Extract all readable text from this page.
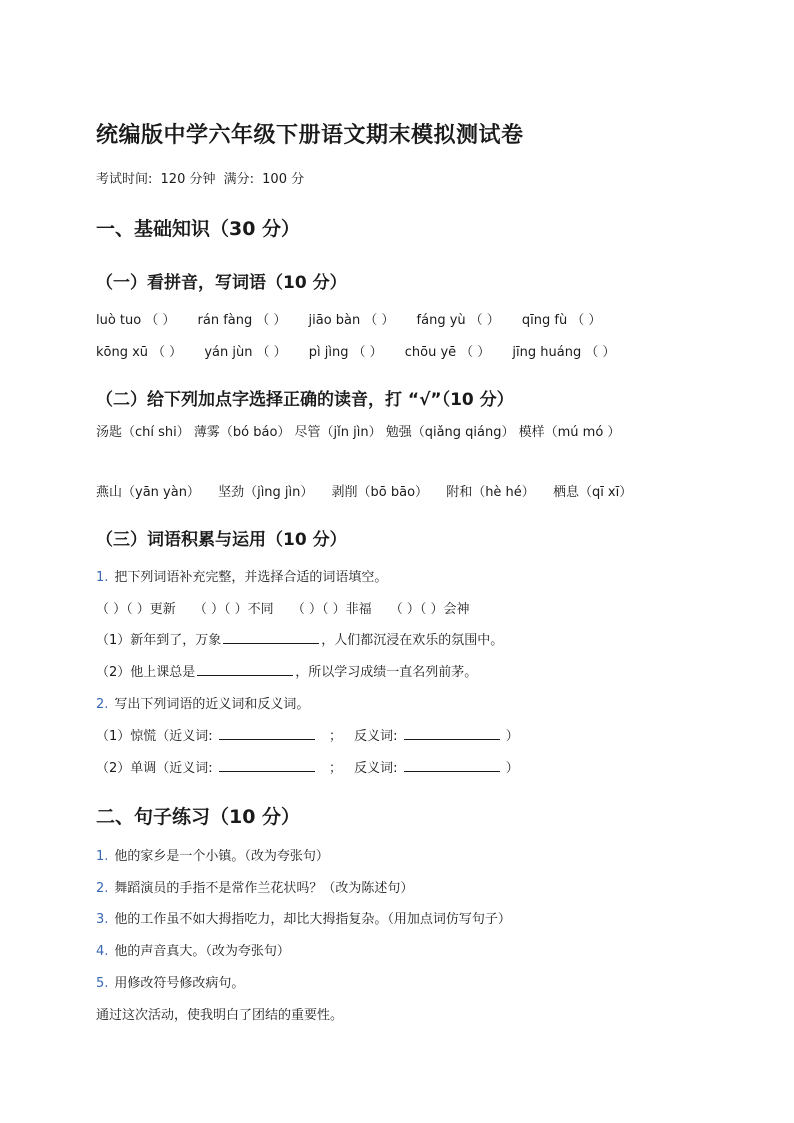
统编版中学六年级下册语文期末模拟测试卷
考试时间: 120 分钟 满分: 100 分
一、基础知识（30 分）
（一）看拼音，写词语（10 分）
luò tuo （ ） rán fàng （ ） jiāo bàn （ ） fáng yù （ ） qīng fù （ ）
kōng xū （ ） yán jùn （ ） pì jìng （ ） chōu yē （ ） jīng huáng （ ）
（二）给下列加点字选择正确的读音，打 “√”（10 分）
汤匙（chí shi） 薄雾（bó báo） 尽管（jǐn jìn） 勉强（qiǎng qiáng） 模样（mú mó ）
燕山（yān yàn） 坚劲（jìng jìn） 剥削（bō bāo） 附和（hè hé） 栖息（qī xī）
（三）词语积累与运用（10 分）
1. 把下列词语补充完整，并选择合适的词语填空。
（ ）（ ）更新 （ ）（ ）不同 （ ）（ ）非福 （ ）（ ）会神
（1）新年到了，万象	，人们都沉浸在欢乐的氛围中。
（2）他上课总是	，所以学习成绩一直名列前茅。
2. 写出下列词语的近义词和反义词。
（1）惊慌（近义词:	； 反义词:	）
（2）单调（近义词:	； 反义词:	）
二、句子练习（10 分）
1. 他的家乡是一个小镇。（改为夸张句）
2. 舞蹈演员的手指不是常作兰花状吗？（改为陈述句）
3. 他的工作虽不如大拇指吃力，却比大拇指复杂。（用加点词仿写句子）
4. 他的声音真大。（改为夸张句）
5. 用修改符号修改病句。
通过这次活动，使我明白了团结的重要性。
